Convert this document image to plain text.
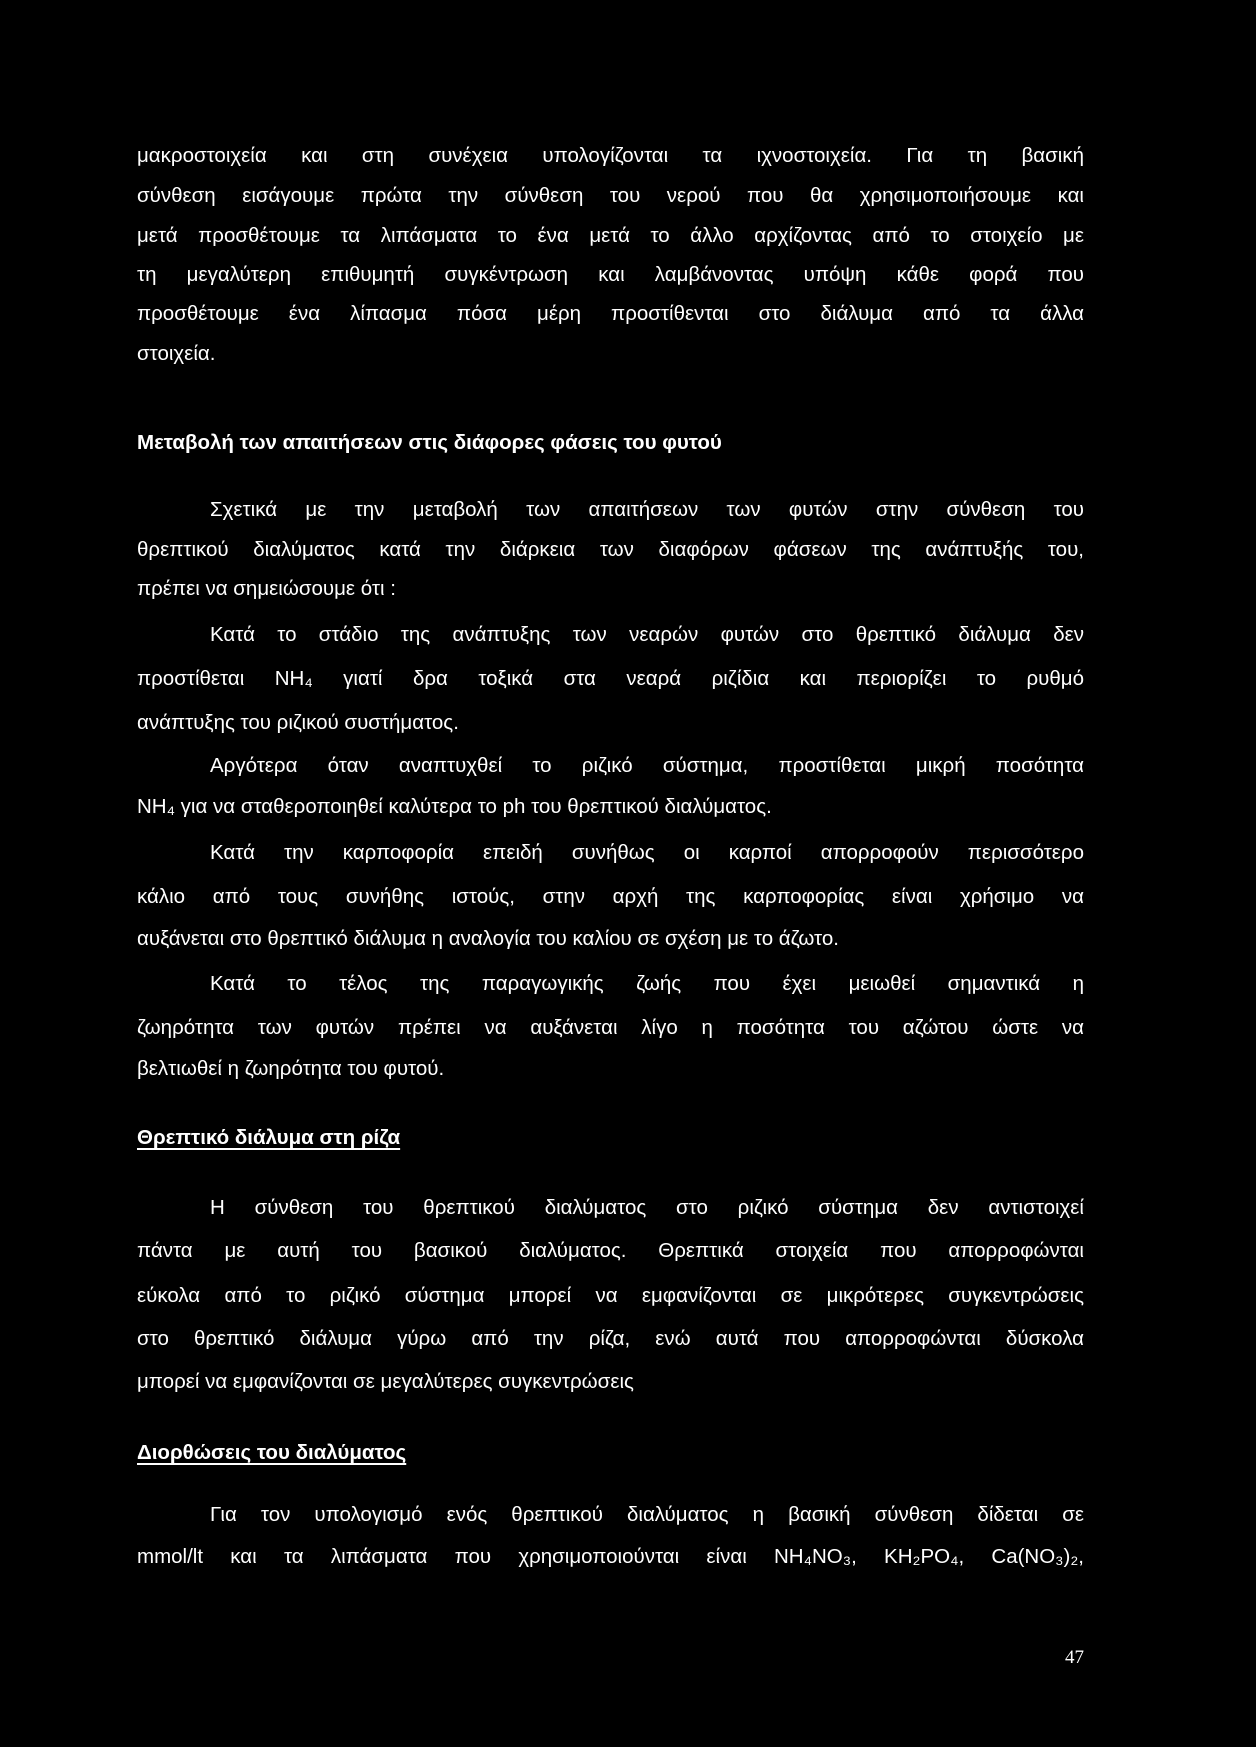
μακροστοιχεία και στη συνέχεια υπολογίζονται τα ιχνοστοιχεία. Για τη βασική
σύνθεση εισάγουμε πρώτα την σύνθεση του νερού που θα χρησιμοποιήσουμε και
μετά προσθέτουμε τα λιπάσματα το ένα μετά το άλλο αρχίζοντας από το στοιχείο με
τη μεγαλύτερη επιθυμητή συγκέντρωση και λαμβάνοντας υπόψη κάθε φορά που
προσθέτουμε ένα λίπασμα πόσα μέρη προστίθενται στο διάλυμα από τα άλλα
στοιχεία.
Μεταβολή των απαιτήσεων στις διάφορες φάσεις του φυτού
Σχετικά με την μεταβολή των απαιτήσεων των φυτών στην σύνθεση του
θρεπτικού διαλύματος κατά την διάρκεια των διαφόρων φάσεων της ανάπτυξής του,
πρέπει να σημειώσουμε ότι :
Κατά το στάδιο της ανάπτυξης των νεαρών φυτών στο θρεπτικό διάλυμα δεν
προστίθεται ΝΗ₄ γιατί δρα τοξικά στα νεαρά ριζίδια και περιορίζει το ρυθμό
ανάπτυξης του ριζικού συστήματος.
Αργότερα όταν αναπτυχθεί το ριζικό σύστημα, προστίθεται μικρή ποσότητα
ΝΗ₄ για να σταθεροποιηθεί καλύτερα το ph του θρεπτικού διαλύματος.
Κατά την καρποφορία επειδή συνήθως οι καρποί απορροφούν περισσότερο
κάλιο από τους συνήθης ιστούς, στην αρχή της καρποφορίας είναι χρήσιμο να
αυξάνεται στο θρεπτικό διάλυμα η αναλογία του καλίου σε σχέση με το άζωτο.
Κατά το τέλος της παραγωγικής ζωής που έχει μειωθεί σημαντικά η
ζωηρότητα των φυτών πρέπει να αυξάνεται λίγο η ποσότητα του αζώτου ώστε να
βελτιωθεί η ζωηρότητα του φυτού.
Θρεπτικό διάλυμα στη ρίζα
Η σύνθεση του θρεπτικού διαλύματος στο ριζικό σύστημα δεν αντιστοιχεί
πάντα με αυτή του βασικού διαλύματος. Θρεπτικά στοιχεία που απορροφώνται
εύκολα από το ριζικό σύστημα μπορεί να εμφανίζονται σε μικρότερες συγκεντρώσεις
στο θρεπτικό διάλυμα γύρω από την ρίζα, ενώ αυτά που απορροφώνται δύσκολα
μπορεί να εμφανίζονται σε μεγαλύτερες συγκεντρώσεις
Διορθώσεις του διαλύματος
Για τον υπολογισμό ενός θρεπτικού διαλύματος η βασική σύνθεση δίδεται σε
mmol/lt και τα λιπάσματα που χρησιμοποιούνται είναι ΝΗ₄ΝΟ₃, ΚΗ₂ΡΟ₄, Ca(ΝΟ₃)₂,
47
